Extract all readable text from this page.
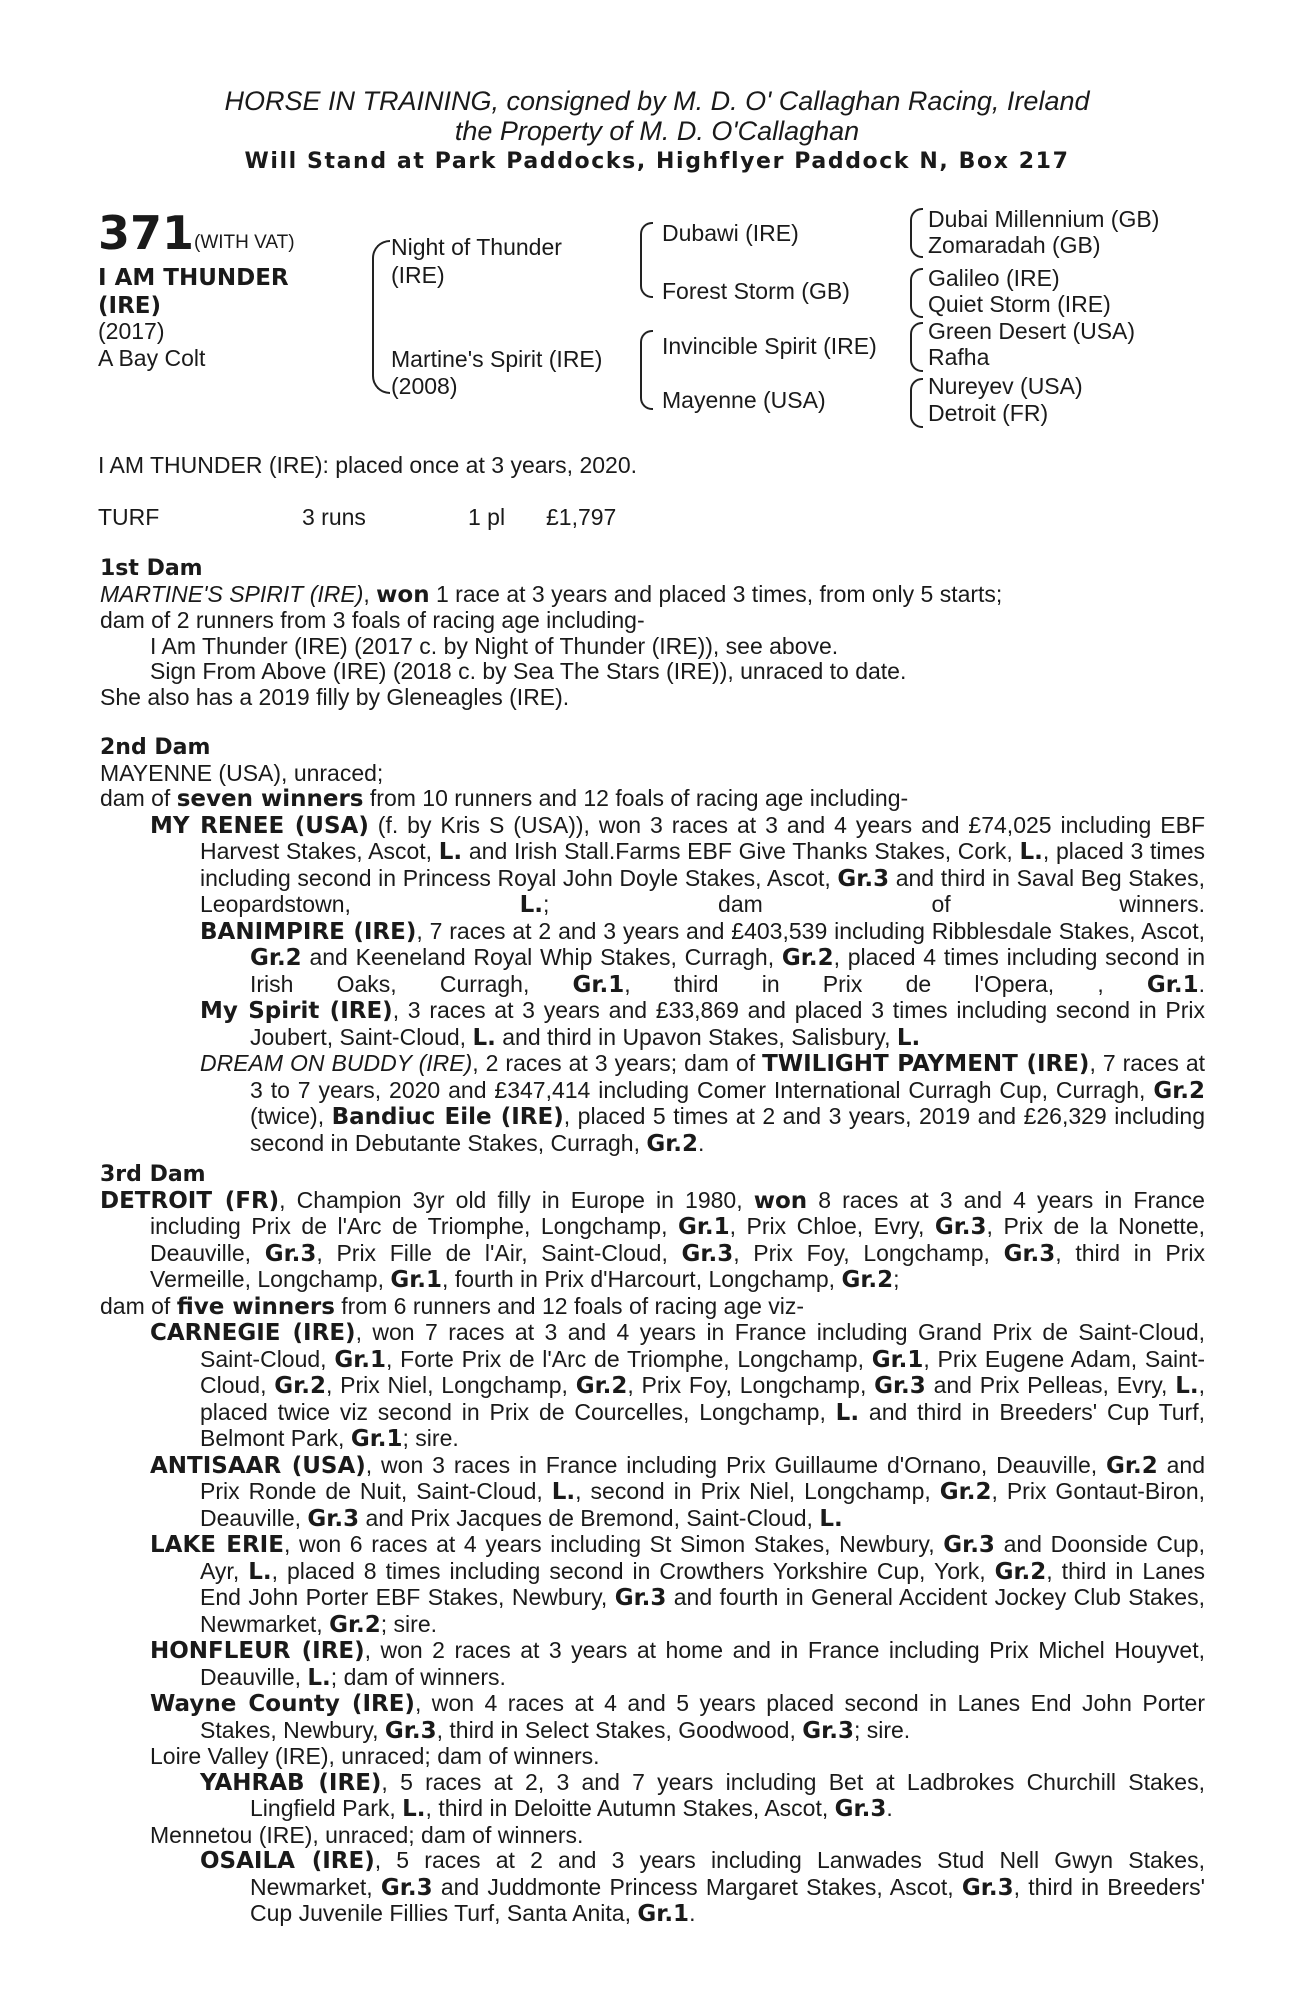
HORSE IN TRAINING, consigned by M. D. O' Callaghan Racing, Ireland
the Property of M. D. O'Callaghan
Will Stand at Park Paddocks, Highflyer Paddock N, Box 217
371 (WITH VAT)
I AM THUNDER
(IRE)
(2017)
A Bay Colt
Night of Thunder
(IRE)
Martine's Spirit (IRE)
(2008)
Dubawi (IRE)
Forest Storm (GB)
Invincible Spirit (IRE)
Mayenne (USA)
Dubai Millennium (GB)
Zomaradah (GB)
Galileo (IRE)
Quiet Storm (IRE)
Green Desert (USA)
Rafha
Nureyev (USA)
Detroit (FR)
I AM THUNDER (IRE): placed once at 3 years, 2020.
TURF	3 runs	1 pl £1,797
1st Dam
MARTINE'S SPIRIT (IRE), won 1 race at 3 years and placed 3 times, from only 5 starts;
dam of 2 runners from 3 foals of racing age including-
I Am Thunder (IRE) (2017 c. by Night of Thunder (IRE)), see above.
Sign From Above (IRE) (2018 c. by Sea The Stars (IRE)), unraced to date.
She also has a 2019 filly by Gleneagles (IRE).
2nd Dam
MAYENNE (USA), unraced;
dam of seven winners from 10 runners and 12 foals of racing age including-
MY RENEE (USA) (f. by Kris S (USA)), won 3 races at 3 and 4 years and £74,025 including EBF Harvest Stakes, Ascot, L. and Irish Stall.Farms EBF Give Thanks Stakes, Cork, L., placed 3 times including second in Princess Royal John Doyle Stakes, Ascot, Gr.3 and third in Saval Beg Stakes, Leopardstown, L.; dam of winners.
BANIMPIRE (IRE), 7 races at 2 and 3 years and £403,539 including Ribblesdale Stakes, Ascot, Gr.2 and Keeneland Royal Whip Stakes, Curragh, Gr.2, placed 4 times including second in Irish Oaks, Curragh, Gr.1, third in Prix de l'Opera, , Gr.1.
My Spirit (IRE), 3 races at 3 years and £33,869 and placed 3 times including second in Prix Joubert, Saint-Cloud, L. and third in Upavon Stakes, Salisbury, L.
DREAM ON BUDDY (IRE), 2 races at 3 years; dam of TWILIGHT PAYMENT (IRE), 7 races at 3 to 7 years, 2020 and £347,414 including Comer International Curragh Cup, Curragh, Gr.2 (twice), Bandiuc Eile (IRE), placed 5 times at 2 and 3 years, 2019 and £26,329 including second in Debutante Stakes, Curragh, Gr.2.
3rd Dam
DETROIT (FR), Champion 3yr old filly in Europe in 1980, won 8 races at 3 and 4 years in France including Prix de l'Arc de Triomphe, Longchamp, Gr.1, Prix Chloe, Evry, Gr.3, Prix de la Nonette, Deauville, Gr.3, Prix Fille de l'Air, Saint-Cloud, Gr.3, Prix Foy, Longchamp, Gr.3, third in Prix Vermeille, Longchamp, Gr.1, fourth in Prix d'Harcourt, Longchamp, Gr.2;
dam of five winners from 6 runners and 12 foals of racing age viz-
CARNEGIE (IRE), won 7 races at 3 and 4 years in France including Grand Prix de Saint-Cloud, Saint-Cloud, Gr.1, Forte Prix de l'Arc de Triomphe, Longchamp, Gr.1, Prix Eugene Adam, Saint-Cloud, Gr.2, Prix Niel, Longchamp, Gr.2, Prix Foy, Longchamp, Gr.3 and Prix Pelleas, Evry, L., placed twice viz second in Prix de Courcelles, Longchamp, L. and third in Breeders' Cup Turf, Belmont Park, Gr.1; sire.
ANTISAAR (USA), won 3 races in France including Prix Guillaume d'Ornano, Deauville, Gr.2 and Prix Ronde de Nuit, Saint-Cloud, L., second in Prix Niel, Longchamp, Gr.2, Prix Gontaut-Biron, Deauville, Gr.3 and Prix Jacques de Bremond, Saint-Cloud, L.
LAKE ERIE, won 6 races at 4 years including St Simon Stakes, Newbury, Gr.3 and Doonside Cup, Ayr, L., placed 8 times including second in Crowthers Yorkshire Cup, York, Gr.2, third in Lanes End John Porter EBF Stakes, Newbury, Gr.3 and fourth in General Accident Jockey Club Stakes, Newmarket, Gr.2; sire.
HONFLEUR (IRE), won 2 races at 3 years at home and in France including Prix Michel Houyvet, Deauville, L.; dam of winners.
Wayne County (IRE), won 4 races at 4 and 5 years placed second in Lanes End John Porter Stakes, Newbury, Gr.3, third in Select Stakes, Goodwood, Gr.3; sire.
Loire Valley (IRE), unraced; dam of winners.
YAHRAB (IRE), 5 races at 2, 3 and 7 years including Bet at Ladbrokes Churchill Stakes, Lingfield Park, L., third in Deloitte Autumn Stakes, Ascot, Gr.3.
Mennetou (IRE), unraced; dam of winners.
OSAILA (IRE), 5 races at 2 and 3 years including Lanwades Stud Nell Gwyn Stakes, Newmarket, Gr.3 and Juddmonte Princess Margaret Stakes, Ascot, Gr.3, third in Breeders' Cup Juvenile Fillies Turf, Santa Anita, Gr.1.
